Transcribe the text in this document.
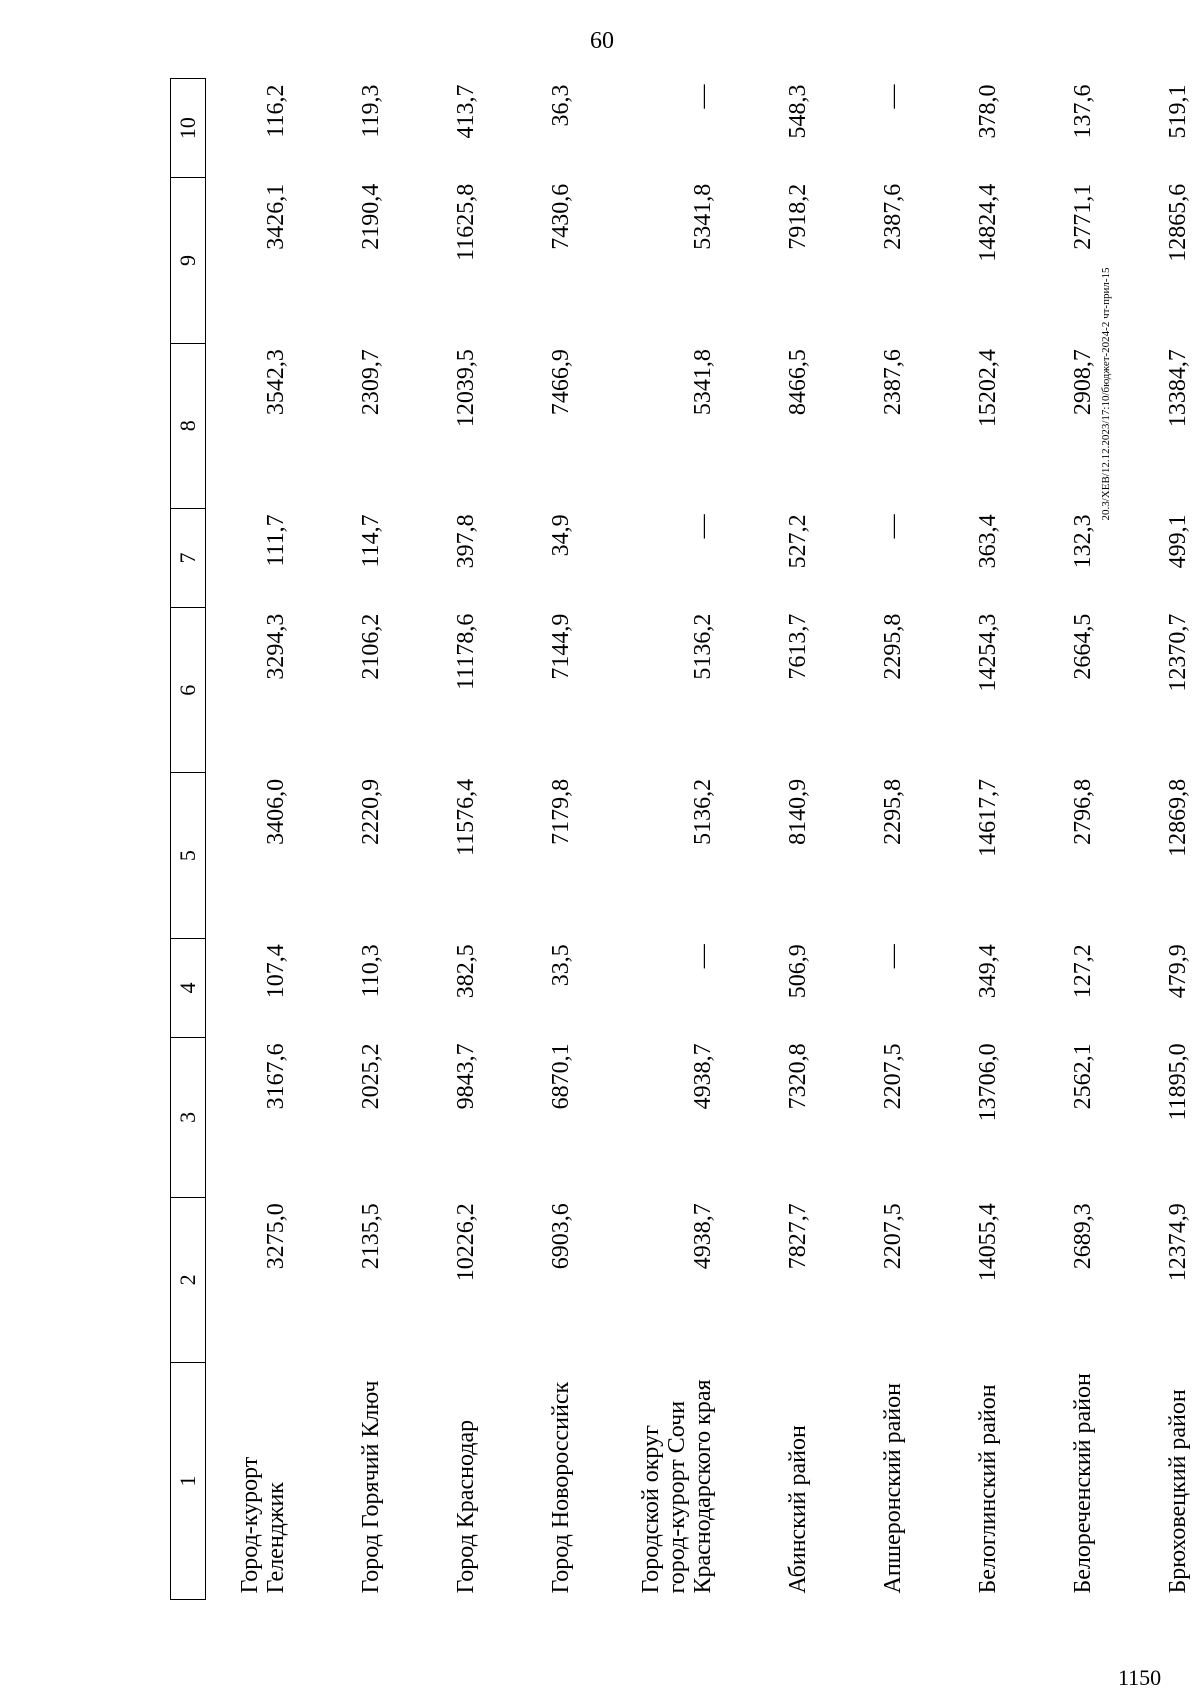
60
20.3/ХЕВ/12.12.2023/17:10/бюджет-2024-2 чт-прил-15
1150
1	2	3	4	5	6	7	8	9	10
Город-курорт Геленджик	3275,0	3167,6	107,4	3406,0	3294,3	111,7	3542,3	3426,1	116,2
Город Горячий Ключ	2135,5	2025,2	110,3	2220,9	2106,2	114,7	2309,7	2190,4	119,3
Город Краснодар	10226,2	9843,7	382,5	11576,4	11178,6	397,8	12039,5	11625,8	413,7
Город Новороссийск	6903,6	6870,1	33,5	7179,8	7144,9	34,9	7466,9	7430,6	36,3
Городской округ город-курорт Сочи Краснодарского края	4938,7	4938,7	—	5136,2	5136,2	—	5341,8	5341,8	—
Абинский район	7827,7	7320,8	506,9	8140,9	7613,7	527,2	8466,5	7918,2	548,3
Апшеронский район	2207,5	2207,5	—	2295,8	2295,8	—	2387,6	2387,6	—
Белоглинский район	14055,4	13706,0	349,4	14617,7	14254,3	363,4	15202,4	14824,4	378,0
Белореченский район	2689,3	2562,1	127,2	2796,8	2664,5	132,3	2908,7	2771,1	137,6
Брюховецкий район	12374,9	11895,0	479,9	12869,8	12370,7	499,1	13384,7	12865,6	519,1
